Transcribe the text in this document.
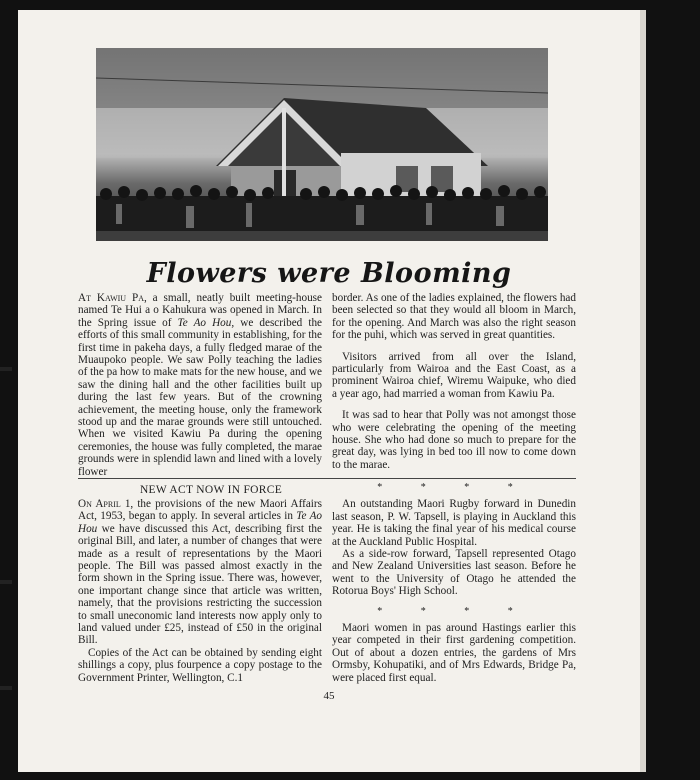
Flowers were Blooming

At Kawiu Pa, a small, neatly built meeting-house named Te Hui a o Kahukura was opened in March. In the Spring issue of Te Ao Hou, we described the efforts of this small community in establishing, for the first time in pakeha days, a fully fledged marae of the Muaupoko people. We saw Polly teaching the ladies of the pa how to make mats for the new house, and we saw the dining hall and the other facilities built up during the last few years. But of the crowning achievement, the meeting house, only the framework stood up and the marae grounds were still untouched. When we visited Kawiu Pa during the opening ceremonies, the house was fully completed, the marae grounds were in splendid lawn and lined with a lovely flower

border. As one of the ladies explained, the flowers had been selected so that they would all bloom in March, for the opening. And March was also the right season for the puhi, which was served in great quantities.

Visitors arrived from all over the Island, particularly from Wairoa and the East Coast, as a prominent Wairoa chief, Wiremu Waipuke, who died a year ago, had married a woman from Kawiu Pa.

It was sad to hear that Polly was not amongst those who were celebrating the opening of the meeting house. She who had done so much to prepare for the great day, was lying in bed too ill now to come down to the marae.

NEW ACT NOW IN FORCE

On April 1, the provisions of the new Maori Affairs Act, 1953, began to apply. In several articles in Te Ao Hou we have discussed this Act, describing first the original Bill, and later, a number of changes that were made as a result of representations by the Maori people. The Bill was passed almost exactly in the form shown in the Spring issue. There was, however, one important change since that article was written, namely, that the provisions restricting the succession to small uneconomic land interests now apply only to land valued under £25, instead of £50 in the original Bill.

Copies of the Act can be obtained by sending eight shillings a copy, plus fourpence a copy postage to the Government Printer, Wellington, C.1

* * * *

An outstanding Maori Rugby forward in Dunedin last season, P. W. Tapsell, is playing in Auckland this year. He is taking the final year of his medical course at the Auckland Public Hospital.

As a side-row forward, Tapsell represented Otago and New Zealand Universities last season. Before he went to the University of Otago he attended the Rotorua Boys' High School.

* * * *

Maori women in pas around Hastings earlier this year competed in their first gardening competition. Out of about a dozen entries, the gardens of Mrs Ormsby, Kohupatiki, and of Mrs Edwards, Bridge Pa, were placed first equal.

45
